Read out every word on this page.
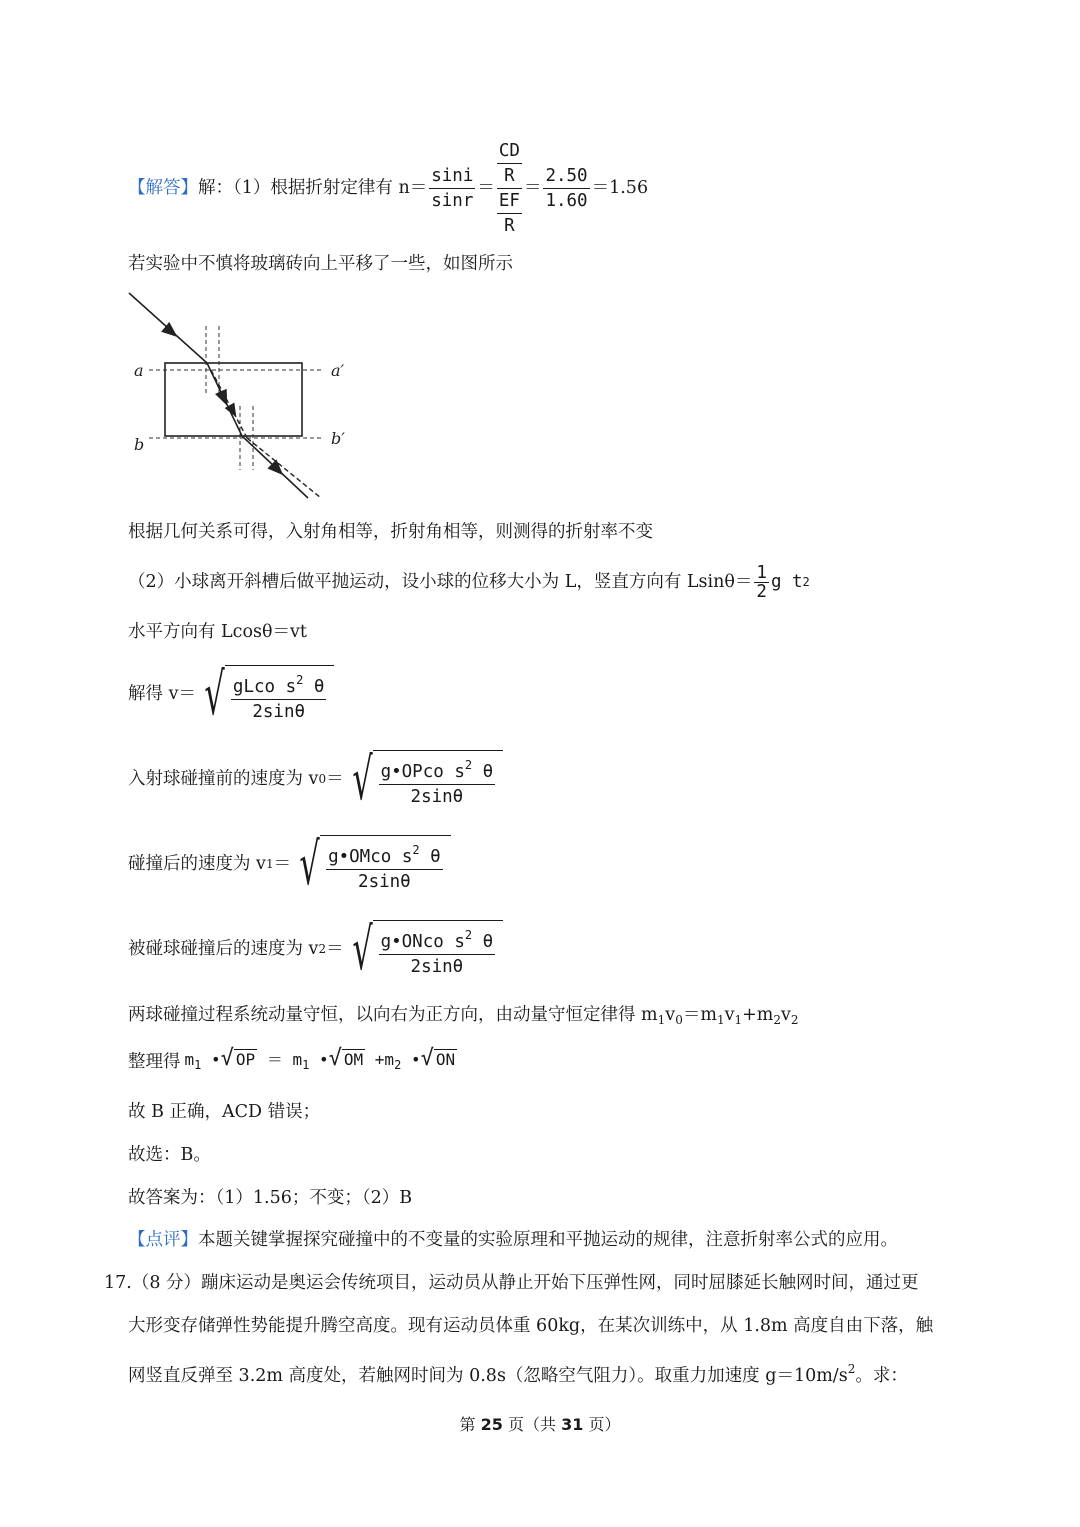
【解答】 解：（1）根据折射定律有 $n= \frac{\sin i}{\sin r} = \frac{\frac{CD}{R}}{\frac{EF}{R}} = \frac{2.50}{1.60} =1.56$
若实验中不慎将玻璃砖向上平移了一些，如图所示
a	a′
b	b′
根据几何关系可得，入射角相等，折射角相等，则测得的折射率不变
（2）小球离开斜槽后做平抛运动，设小球的位移大小为 L，竖直方向有 $Lsin\theta= \frac{1}{2}$ g t 2
水平方向有 Lcosθ＝vt
解得 v＝ √ $\frac{gLco s^2 \theta}{2\sin\theta}$
入射球碰撞前的速度为 v 0 ＝ √ $\frac{g•OPco s^2 \theta}{2\sin\theta}$
碰撞后的速度为 v 1 ＝ √ $\frac{g•OMco s^2 \theta}{2\sin\theta}$
被碰球碰撞后的速度为 v 2 ＝ √ $\frac{g•ONco s^2 \theta}{2\sin\theta}$
两球碰撞过程系统动量守恒，以向右为正方向，由动量守恒定律得 $m_1v_0=m_1v_1+m_2v_2$
整理得 $m_1$ •√ OP ＝ $m_1$ •√ OM $+m_2$ •√ ON
故 B 正确，ACD 错误；
故选：B。
故答案为：（1）1.56；不变；（2）B
【点评】本题关键掌握探究碰撞中的不变量的实验原理和平抛运动的规律，注意折射率公式的应用。
17.（8 分）蹦床运动是奥运会传统项目，运动员从静止开始下压弹性网，同时屈膝延长触网时间，通过更
大形变存储弹性势能提升腾空高度。现有运动员体重 60kg，在某次训练中，从 1.8m 高度自由下落，触
网竖直反弹至 3.2m 高度处，若触网时间为 0.8s（忽略空气阻力）。取重力加速度 $g=10m/s^2$。求：
第 25 页（共 31 页）
